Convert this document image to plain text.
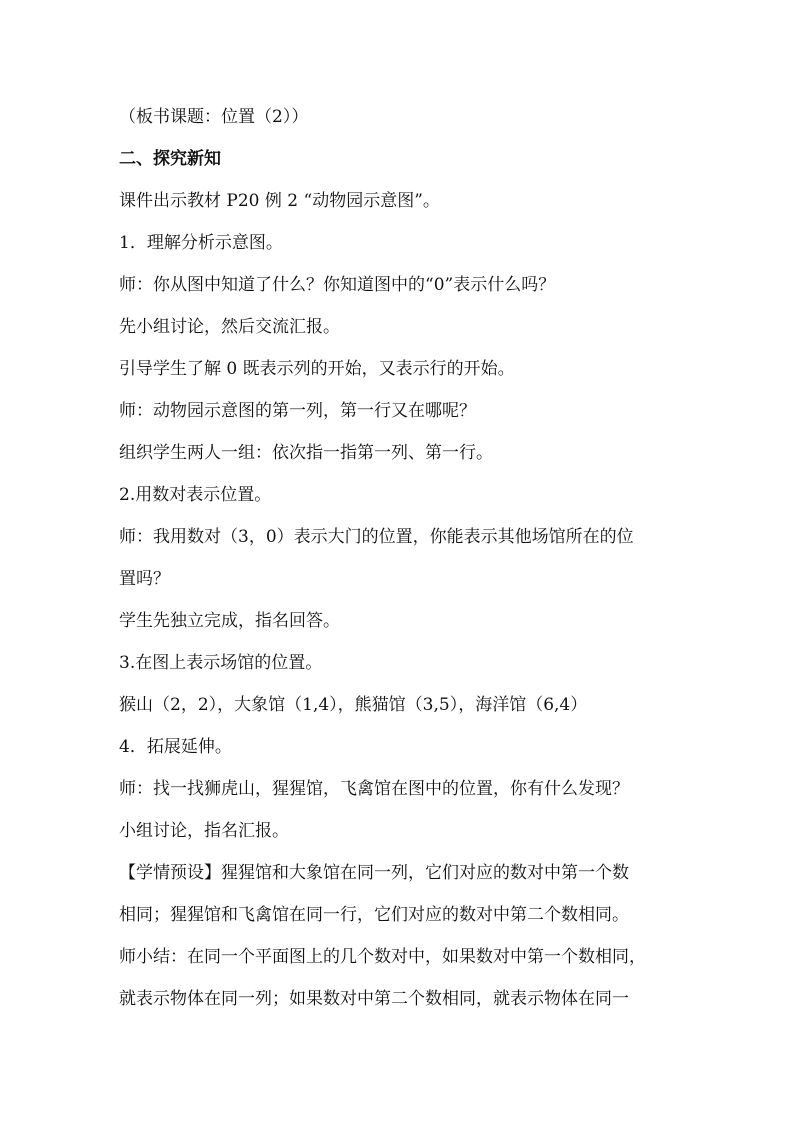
（板书课题：位置（2））
二、探究新知
课件出示教材 P20 例 2 “动物园示意图”。
1．理解分析示意图。
师：你从图中知道了什么？你知道图中的“0”表示什么吗？
先小组讨论，然后交流汇报。
引导学生了解 0 既表示列的开始，又表示行的开始。
师：动物园示意图的第一列，第一行又在哪呢？
组织学生两人一组：依次指一指第一列、第一行。
2.用数对表示位置。
师：我用数对（3，0）表示大门的位置，你能表示其他场馆所在的位
置吗？
学生先独立完成，指名回答。
3.在图上表示场馆的位置。
猴山（2，2），大象馆（1,4），熊猫馆（3,5），海洋馆（6,4）
4．拓展延伸。
师：找一找狮虎山，猩猩馆，飞禽馆在图中的位置，你有什么发现？
小组讨论，指名汇报。
【学情预设】猩猩馆和大象馆在同一列，它们对应的数对中第一个数
相同；猩猩馆和飞禽馆在同一行，它们对应的数对中第二个数相同。
师小结：在同一个平面图上的几个数对中，如果数对中第一个数相同，
就表示物体在同一列；如果数对中第二个数相同，就表示物体在同一
